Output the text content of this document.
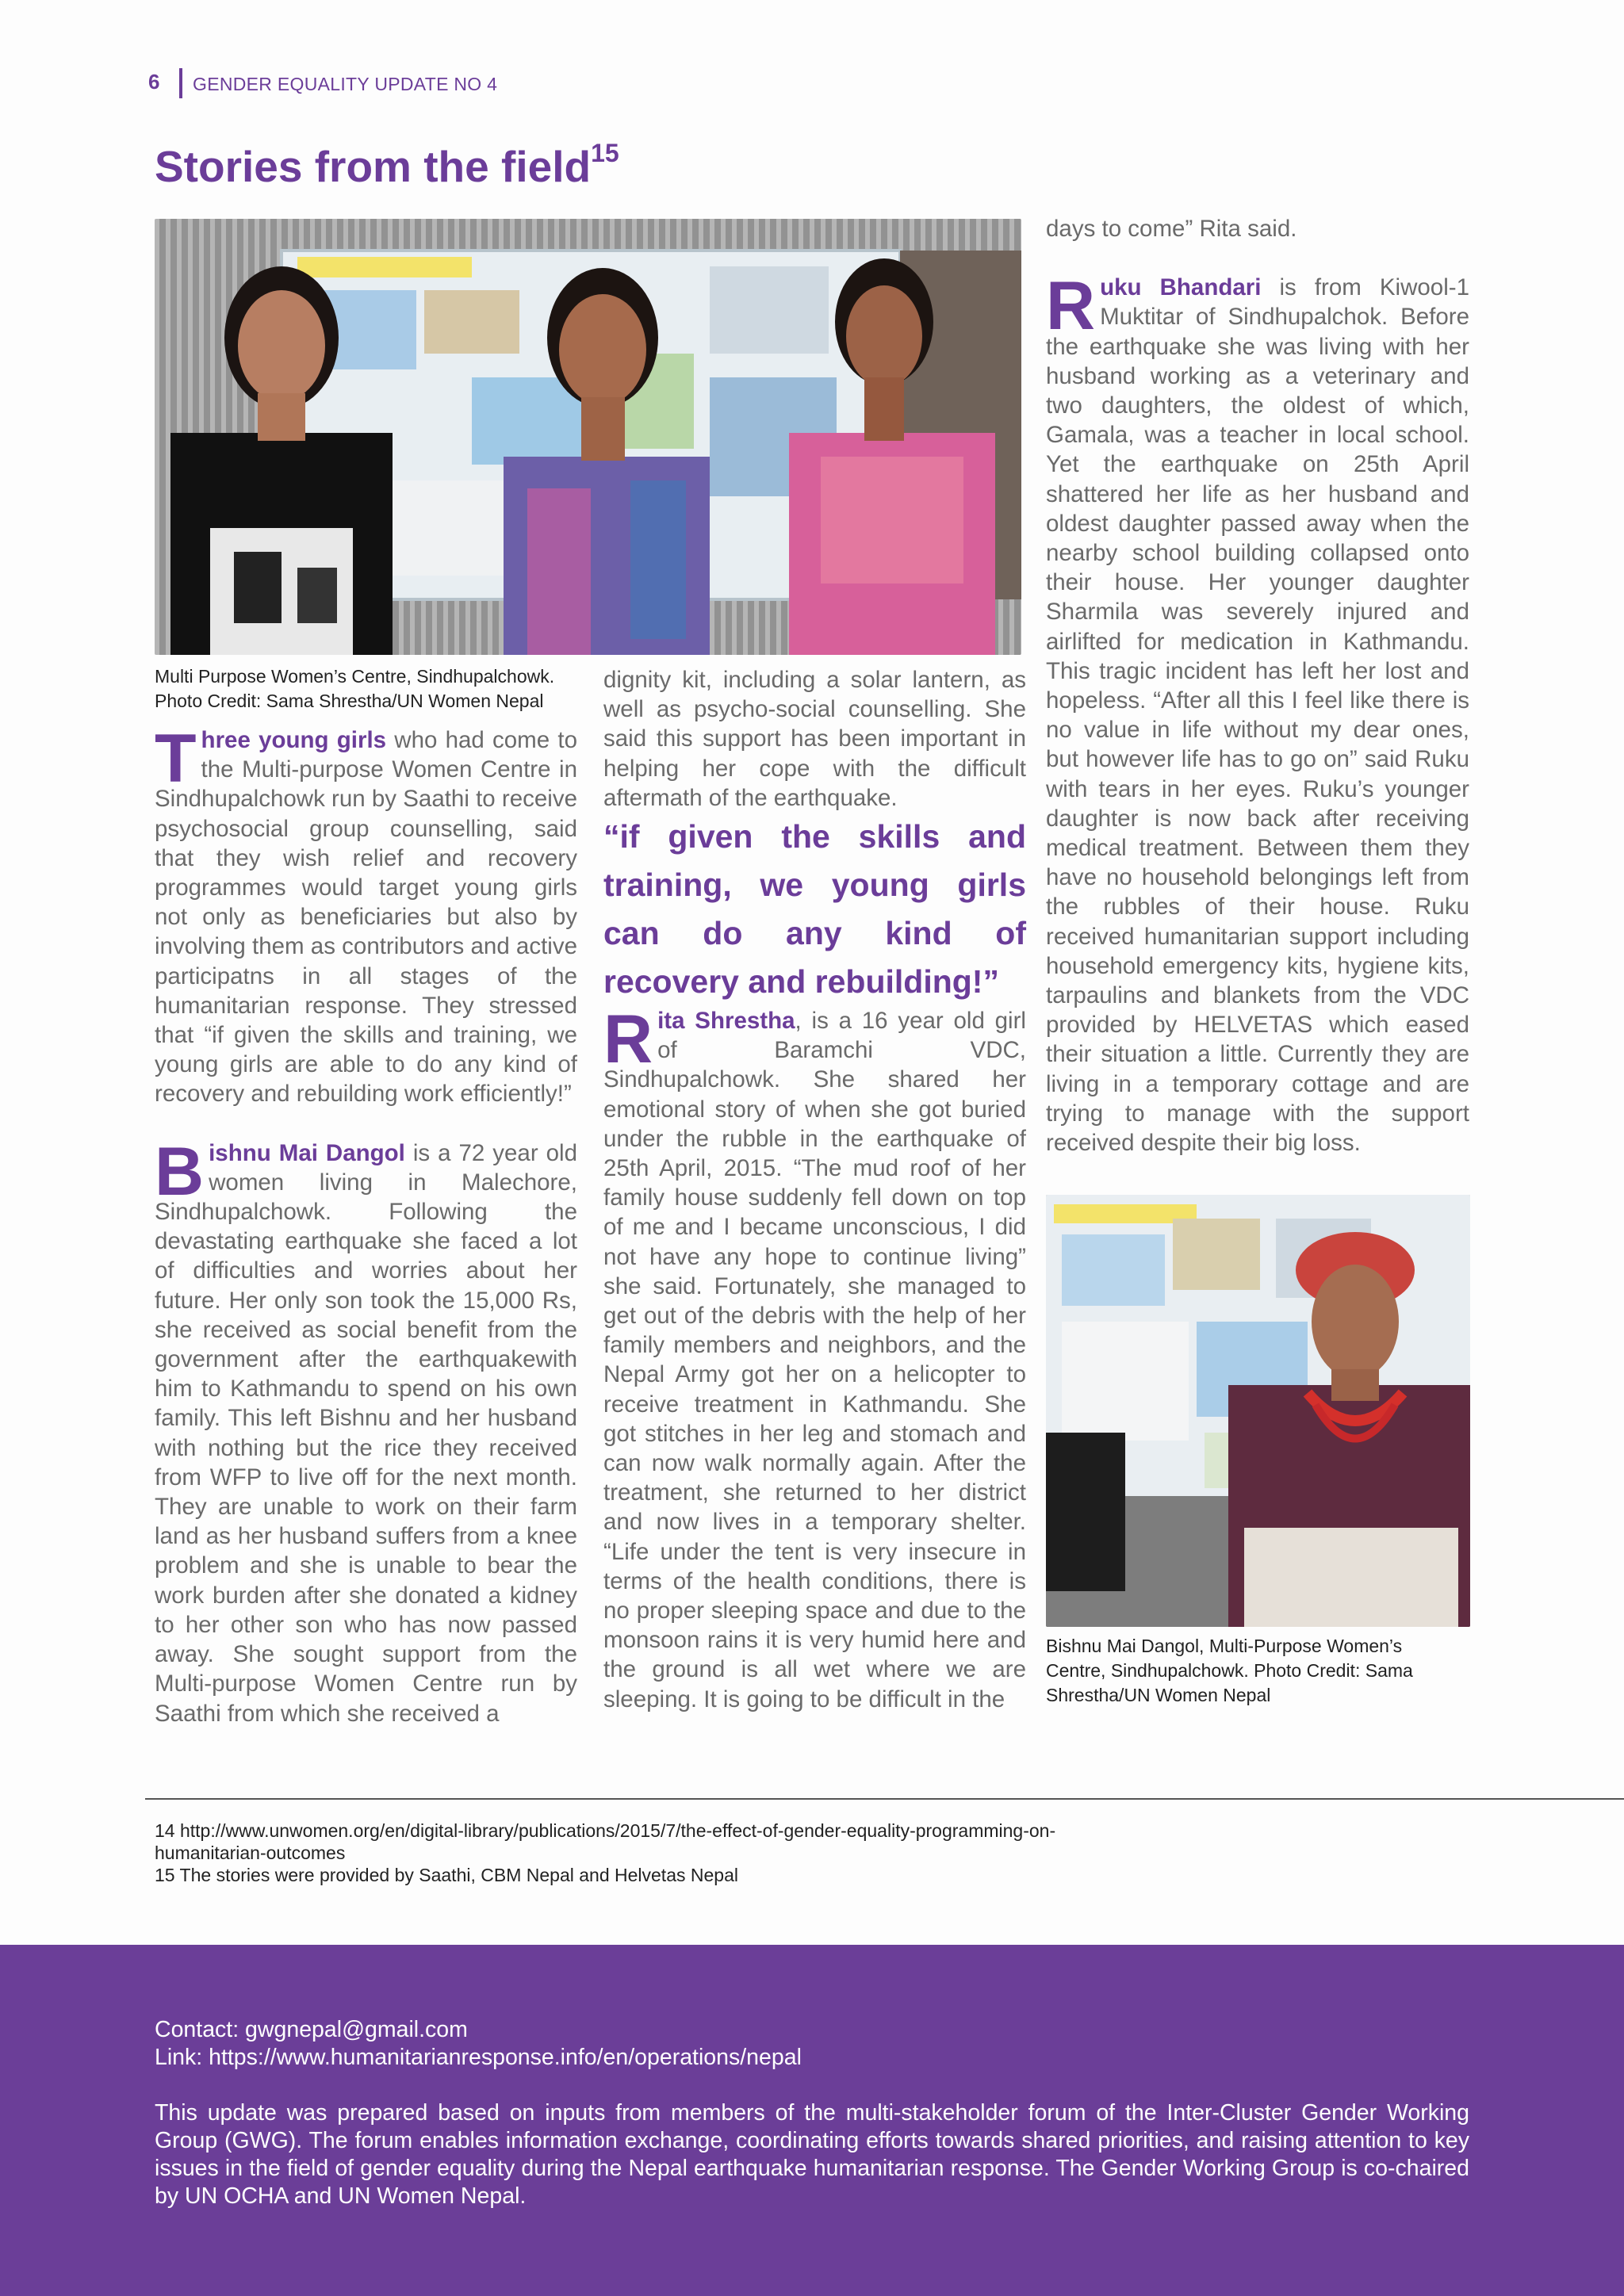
6 GENDER EQUALITY UPDATE NO 4
Stories from the field$^{15}$
Multi Purpose Women’s Centre, Sindhupalchowk.
Photo Credit: Sama Shrestha/UN Women Nepal

Three young girls who had come to the Multi-purpose Women Centre in Sindhupalchowk run by Saathi to receive psychosocial group counselling, said that they wish relief and recovery programmes would target young girls not only as beneficiaries but also by involving them as contributors and active participatns in all stages of the humanitarian response. They stressed that “if given the skills and training, we young girls are able to do any kind of recovery and rebuilding work efficiently!”

Bishnu Mai Dangol is a 72 year old women living in Malechore, Sindhupalchowk. Following the devastating earthquake she faced a lot of difficulties and worries about her future. Her only son took the 15,000 Rs, she received as social benefit from the government after the earthquakewith him to Kathmandu to spend on his own family. This left Bishnu and her husband with nothing but the rice they received from WFP to live off for the next month. They are unable to work on their farm land as her husband suffers from a knee problem and she is unable to bear the work burden after she donated a kidney to her other son who has now passed away. She sought support from the Multi-purpose Women Centre run by Saathi from which she received a

dignity kit, including a solar lantern, as well as psycho-social counselling. She said this support has been important in helping her cope with the difficult aftermath of the earthquake.

“if given the skills and training, we young girls can do any kind of recovery and rebuilding!”

Rita Shrestha, is a 16 year old girl of Baramchi VDC, Sindhupalchowk. She shared her emotional story of when she got buried under the rubble in the earthquake of 25th April, 2015. “The mud roof of her family house suddenly fell down on top of me and I became unconscious, I did not have any hope to continue living” she said. Fortunately, she managed to get out of the debris with the help of her family members and neighbors, and the Nepal Army got her on a helicopter to receive treatment in Kathmandu. She got stitches in her leg and stomach and can now walk normally again. After the treatment, she returned to her district and now lives in a temporary shelter. “Life under the tent is very insecure in terms of the health conditions, there is no proper sleeping space and due to the monsoon rains it is very humid here and the ground is all wet where we are sleeping. It is going to be difficult in the

days to come” Rita said.

Ruku Bhandari is from Kiwool-1 Muktitar of Sindhupalchok. Before the earthquake she was living with her husband working as a veterinary and two daughters, the oldest of which, Gamala, was a teacher in local school. Yet the earthquake on 25th April shattered her life as her husband and oldest daughter passed away when the nearby school building collapsed onto their house. Her younger daughter Sharmila was severely injured and airlifted for medication in Kathmandu. This tragic incident has left her lost and hopeless. “After all this I feel like there is no value in life without my dear ones, but however life has to go on” said Ruku with tears in her eyes. Ruku’s younger daughter is now back after receiving medical treatment. Between them they have no household belongings left from the rubbles of their house. Ruku received humanitarian support including household emergency kits, hygiene kits, tarpaulins and blankets from the VDC provided by HELVETAS which eased their situation a little. Currently they are living in a temporary cottage and are trying to manage with the support received despite their big loss.

Bishnu Mai Dangol, Multi-Purpose Women’s Centre, Sindhupalchowk. Photo Credit: Sama Shrestha/UN Women Nepal

14 http://www.unwomen.org/en/digital-library/publications/2015/7/the-effect-of-gender-equality-programming-on-humanitarian-outcomes

15 The stories were provided by Saathi, CBM Nepal and Helvetas Nepal

Contact: gwgnepal@gmail.com

Link: https://www.humanitarianresponse.info/en/operations/nepal

This update was prepared based on inputs from members of the multi-stakeholder forum of the Inter-Cluster Gender Working Group (GWG). The forum enables information exchange, coordinating efforts towards shared priorities, and raising attention to key issues in the field of gender equality during the Nepal earthquake humanitarian response. The Gender Working Group is co-chaired by UN OCHA and UN Women Nepal.
